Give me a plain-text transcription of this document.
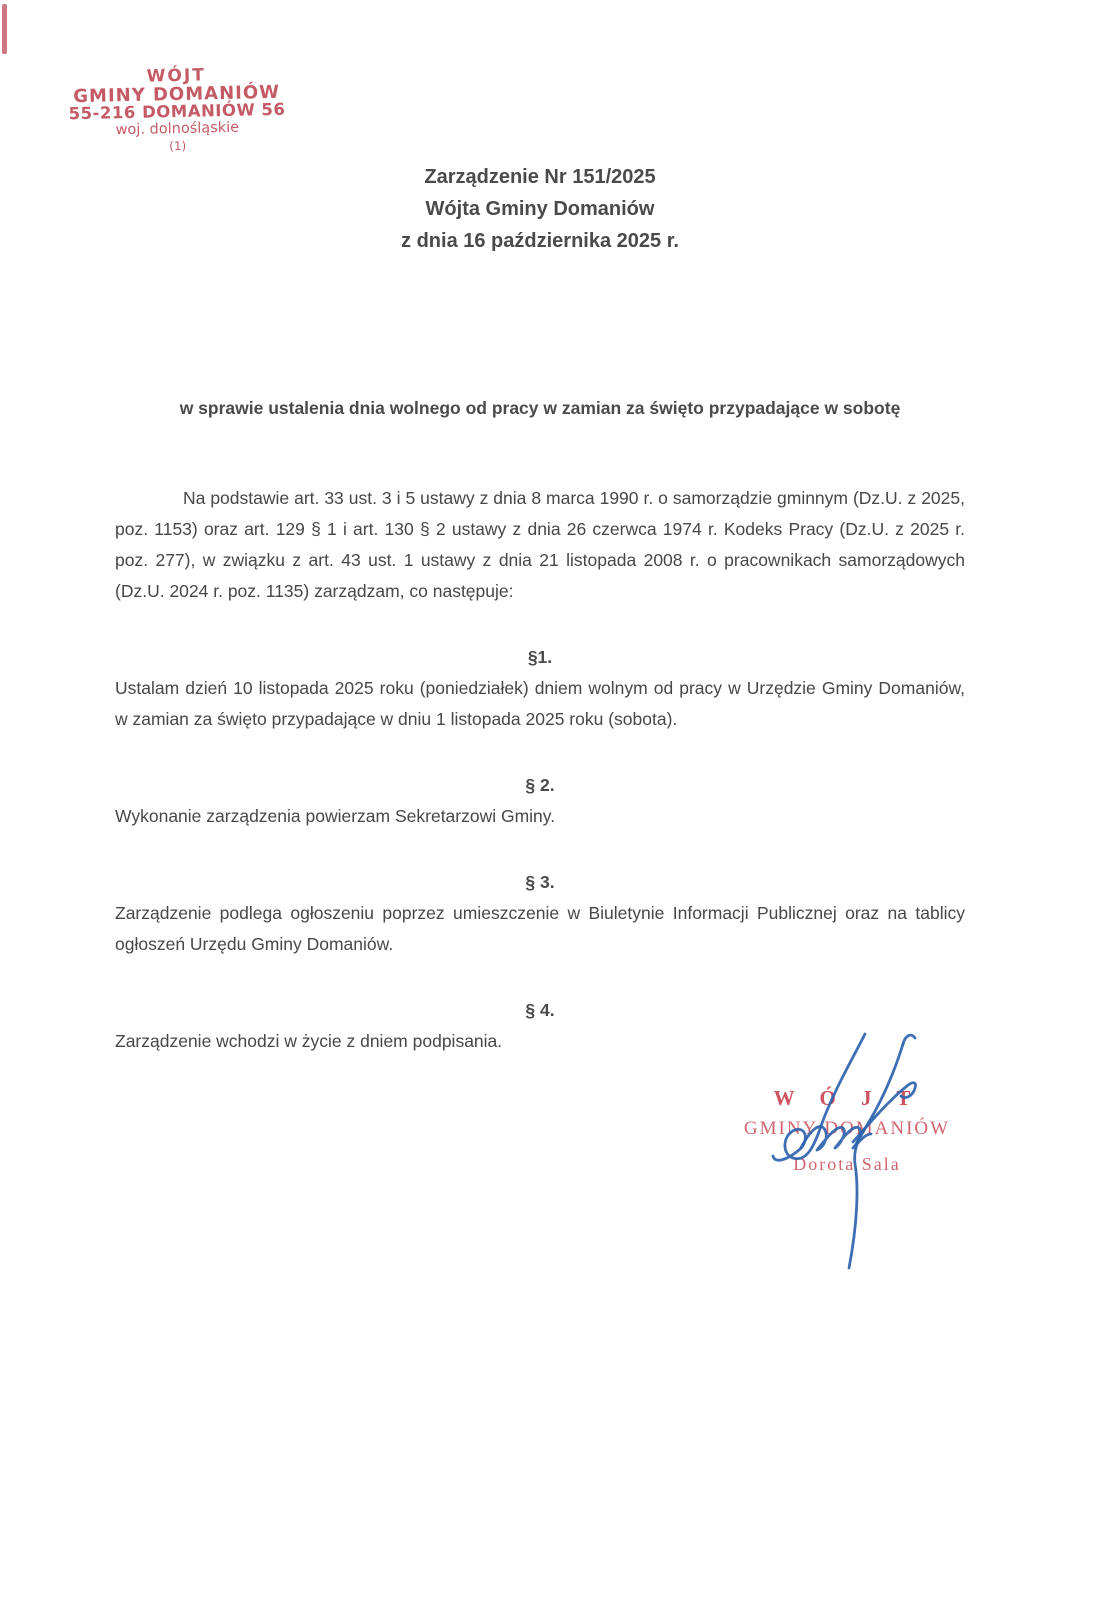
WÓJT
GMINY DOMANIÓW
55-216 DOMANIÓW 56
woj. dolnośląskie
(1)
Zarządzenie Nr 151/2025
Wójta Gminy Domaniów
z dnia 16 października 2025 r.
w sprawie ustalenia dnia wolnego od pracy w zamian za święto przypadające w sobotę

Na podstawie art. 33 ust. 3 i 5 ustawy z dnia 8 marca 1990 r. o samorządzie gminnym (Dz.U. z 2025, poz. 1153) oraz art. 129 § 1 i art. 130 § 2 ustawy z dnia 26 czerwca 1974 r. Kodeks Pracy (Dz.U. z 2025 r. poz. 277), w związku z art. 43 ust. 1 ustawy z dnia 21 listopada 2008 r. o pracownikach samorządowych (Dz.U. 2024 r. poz. 1135) zarządzam, co następuje:

§1.

Ustalam dzień 10 listopada 2025 roku (poniedziałek) dniem wolnym od pracy w Urzędzie Gminy Domaniów, w zamian za święto przypadające w dniu 1 listopada 2025 roku (sobota).

§ 2.

Wykonanie zarządzenia powierzam Sekretarzowi Gminy.

§ 3.

Zarządzenie podlega ogłoszeniu poprzez umieszczenie w Biuletynie Informacji Publicznej oraz na tablicy ogłoszeń Urzędu Gminy Domaniów.

§ 4.

Zarządzenie wchodzi w życie z dniem podpisania.

W Ó J T
GMINY DOMANIÓW
Dorota Sala
